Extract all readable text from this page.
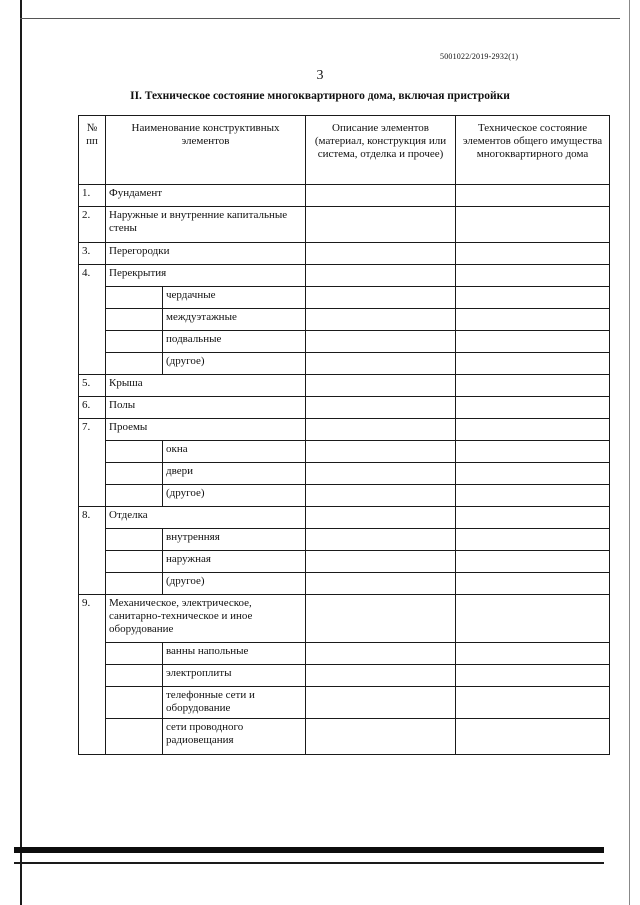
5001022/2019-2932(1)
3
II. Техническое состояние многоквартирного дома, включая пристройки
№ пп	Наименование конструктивных элементов		Описание элементов (материал, конструкция или система, отделка и прочее)	Техническое состояние элементов общего имущества многоквартирного дома
1.	Фундамент			
2.	Наружные и внутренние капитальные стены			
3.	Перегородки			
4.	Перекрытия			
		чердачные		
		междуэтажные		
		подвальные		
		(другое)		
5.	Крыша			
6.	Полы			
7.	Проемы			
		окна		
		двери		
		(другое)		
8.	Отделка			
		внутренняя		
		наружная		
		(другое)		
9.	Механическое, электрическое, санитарно-техническое и иное оборудование			
		ванны напольные		
		электроплиты		
		телефонные сети и оборудование		
		сети проводного радиовещания		
